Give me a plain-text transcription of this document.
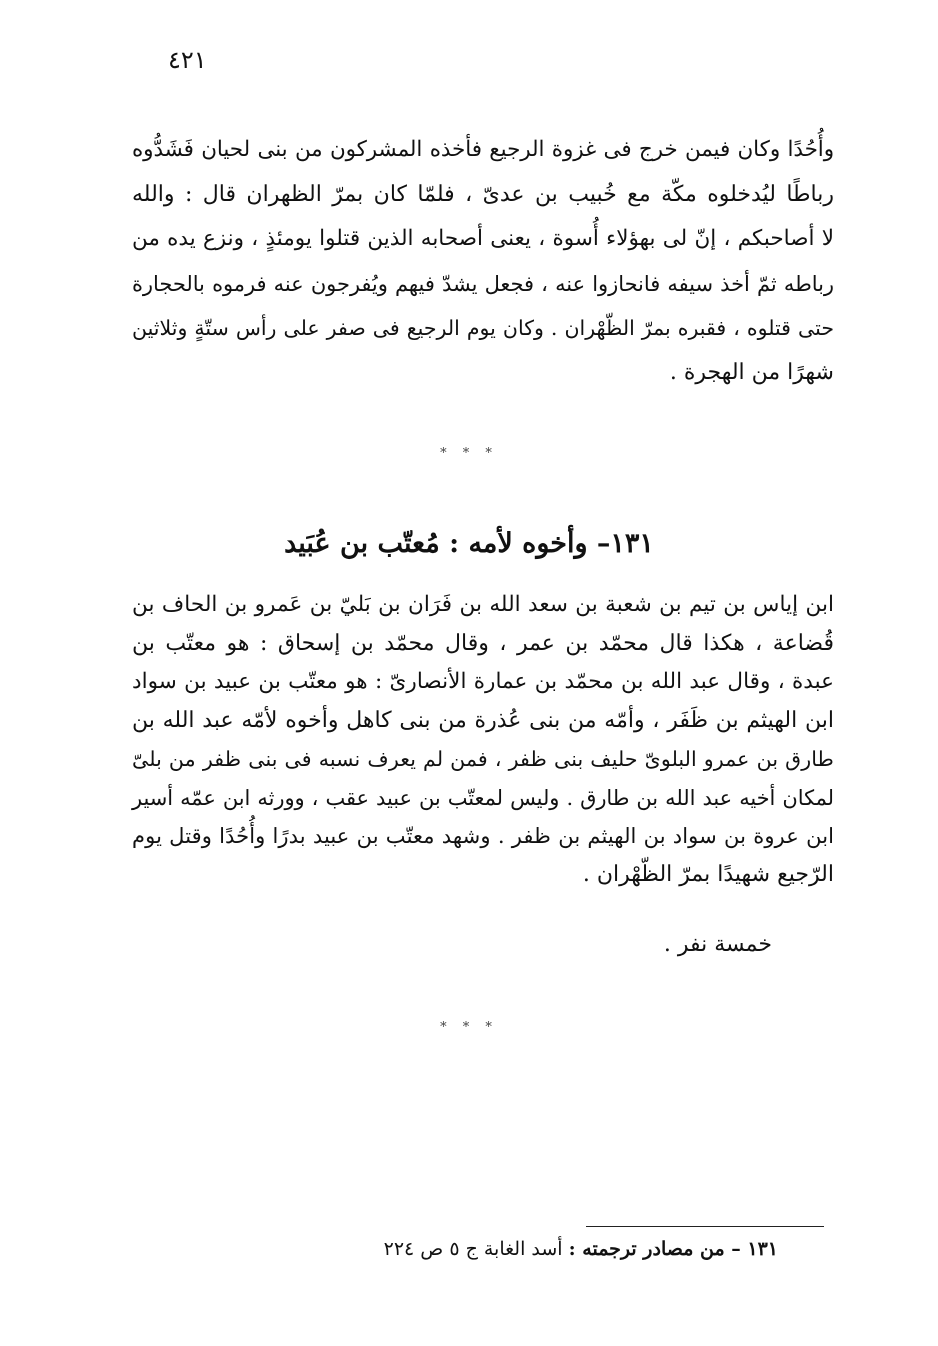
٤٢١
وأُحُدًا وكان فيمن خرج فى غزوة الرجيع فأخذه المشركون من بنى لحيان فَشَدُّوه
رباطًا ليُدخلوه مكّة مع خُبيب بن عدىّ ، فلمّا كان بمرّ الظهران قال : والله
لا أصاحبكم ، إنّ لى بهؤلاء أُسوة ، يعنى أصحابه الذين قتلوا يومئذٍ ، ونزع يده من
رباطه ثمّ أخذ سيفه فانحازوا عنه ، فجعل يشدّ فيهم ويُفرجون عنه فرموه بالحجارة
حتى قتلوه ، فقبره بمرّ الظّهْران . وكان يوم الرجيع فى صفر على رأس ستّةٍ وثلاثين
شهرًا من الهجرة .
* * *
١٣١– وأخوه لأمه : مُعتّب بن عُبَيد
ابن إياس بن تيم بن شعبة بن سعد الله بن فَرَان بن بَليّ بن عَمرو بن الحاف بن
قُضاعة ، هكذا قال محمّد بن عمر ، وقال محمّد بن إسحاق : هو معتّب بن
عبدة ، وقال عبد الله بن محمّد بن عمارة الأنصارىّ : هو معتّب بن عبيد بن سواد
ابن الهيثم بن ظَفَر ، وأمّه من بنى عُذرة من بنى كاهل وأخوه لأمّه عبد الله بن
طارق بن عمرو البلوىّ حليف بنى ظفر ، فمن لم يعرف نسبه فى بنى ظفر من بلىّ
لمكان أخيه عبد الله بن طارق . وليس لمعتّب بن عبيد عقب ، وورثه ابن عمّه أسير
ابن عروة بن سواد بن الهيثم بن ظفر . وشهد معتّب بن عبيد بدرًا وأُحُدًا وقتل يوم
الرّجيع شهيدًا بمرّ الظّهْران .
خمسة نفر .
* * *
١٣١ – من مصادر ترجمته : أسد الغابة ج ٥ ص ٢٢٤
